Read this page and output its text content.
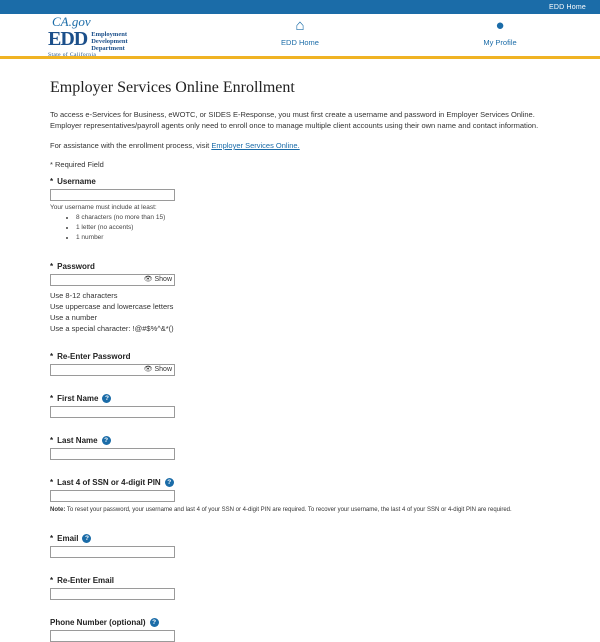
EDD Home
CA.gov
EDD Employment
Development
Department
State of California
⌂
EDD Home
●
My Profile
Employer Services Online Enrollment

To access e-Services for Business, eWOTC, or SIDES E-Response, you must first create a username and password in Employer Services Online. Employer representatives/payroll agents only need to enroll once to manage multiple client accounts using their own name and contact information.

For assistance with the enrollment process, visit Employer Services Online.

* Required Field

* Username

Your username must include at least:

• 8 characters (no more than 15)
• 1 letter (no accents)
• 1 number
* Password
👁 Show
Use 8-12 characters
Use uppercase and lowercase letters
Use a number
Use a special character: !@#$%^&*()
* Re-Enter Password
👁 Show
* First Name	?
* Last Name	?
* Last 4 of SSN or 4-digit PIN	?

Note: To reset your password, your username and last 4 of your SSN or 4-digit PIN are required. To recover your username, the last 4 of your SSN or 4-digit PIN are required.

* Email	?
* Re-Enter Email
Phone Number (optional)	?
